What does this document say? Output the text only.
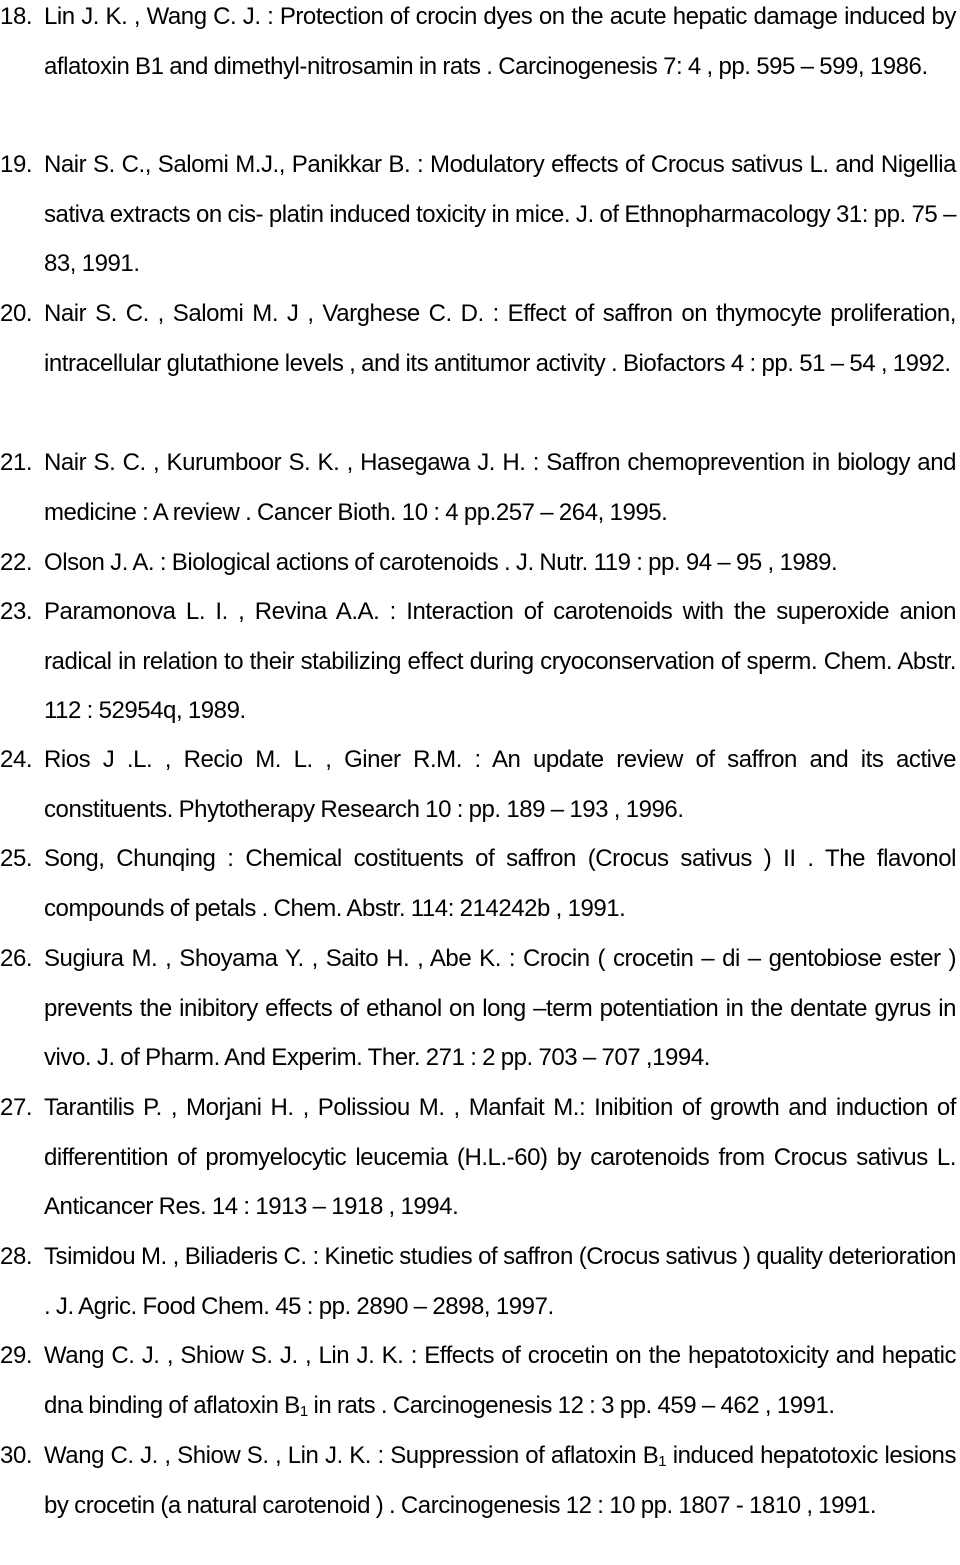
18. Lin J. K. , Wang C. J. : Protection of crocin dyes on the acute hepatic damage induced by aflatoxin B1 and dimethyl-nitrosamin in rats . Carcinogenesis 7: 4 , pp. 595 – 599, 1986.
19. Nair S. C., Salomi M.J., Panikkar B. : Modulatory effects of Crocus sativus L. and Nigellia sativa extracts on cis- platin induced toxicity in mice. J. of Ethnopharmacology 31: pp. 75 –83, 1991.
20. Nair S. C. , Salomi M. J , Varghese C. D. : Effect of saffron on thymocyte proliferation, intracellular glutathione levels , and its antitumor activity . Biofactors 4 : pp. 51 – 54 , 1992.
21. Nair S. C. , Kurumboor S. K. , Hasegawa J. H. : Saffron chemoprevention in biology and medicine : A review . Cancer Bioth. 10 : 4 pp.257 – 264, 1995.
22. Olson J. A. : Biological actions of carotenoids . J. Nutr. 119 : pp. 94 – 95 , 1989.
23. Paramonova L. I. , Revina A.A. : Interaction of carotenoids with the superoxide anion radical in relation to their stabilizing effect during cryoconservation of sperm. Chem. Abstr. 112 : 52954q, 1989.
24. Rios J .L. , Recio M. L. , Giner R.M. : An update review of saffron and its active constituents. Phytotherapy Research 10 : pp. 189 – 193 , 1996.
25. Song, Chunqing : Chemical costituents of saffron (Crocus sativus ) II . The flavonol compounds of petals . Chem. Abstr. 114: 214242b , 1991.
26. Sugiura M. , Shoyama Y. , Saito H. , Abe K. : Crocin ( crocetin – di – gentobiose ester ) prevents the inibitory effects of ethanol on long –term potentiation in the dentate gyrus in vivo. J. of Pharm. And Experim. Ther. 271 : 2 pp. 703 – 707 ,1994.
27. Tarantilis P. , Morjani H. , Polissiou M. , Manfait M.: Inibition of growth and induction of differentition of promyelocytic leucemia (H.L.-60) by carotenoids from Crocus sativus L. Anticancer Res. 14 : 1913 – 1918 , 1994.
28. Tsimidou M. , Biliaderis C. : Kinetic studies of saffron (Crocus sativus ) quality deterioration . J. Agric. Food Chem. 45 : pp. 2890 – 2898, 1997.
29. Wang C. J. , Shiow S. J. , Lin J. K. : Effects of crocetin on the hepatotoxicity and hepatic dna binding of aflatoxin $B_1$ in rats . Carcinogenesis 12 : 3 pp. 459 – 462 , 1991.
30. Wang C. J. , Shiow S. , Lin J. K. : Suppression of aflatoxin $B_1$ induced hepatotoxic lesions by crocetin (a natural carotenoid ) . Carcinogenesis 12 : 10 pp. 1807 - 1810 , 1991.
